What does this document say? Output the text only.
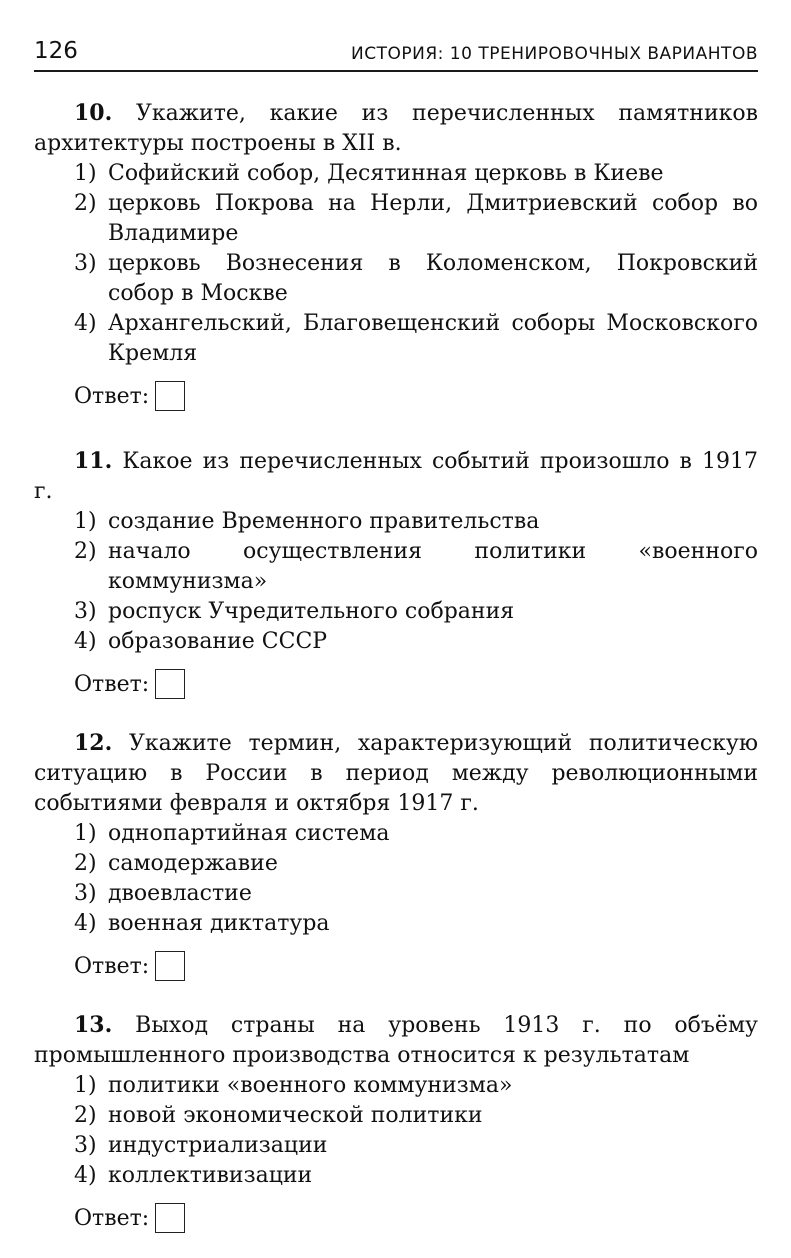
126	ИСТОРИЯ: 10 ТРЕНИРОВОЧНЫХ ВАРИАНТОВ

10. Укажите, какие из перечисленных памятников архитектуры построены в XII в.

1) Софийский собор, Десятинная церковь в Киеве
2) церковь Покрова на Нерли, Дмитриевский собор во Владимире
3) церковь Вознесения в Коломенском, Покровский собор в Москве
4) Архангельский, Благовещенский соборы Московского Кремля
Ответ:

11. Какое из перечисленных событий произошло в 1917 г.

1) создание Временного правительства
2) начало осуществления политики «военного коммунизма»
3) роспуск Учредительного собрания
4) образование СССР
Ответ:

12. Укажите термин, характеризующий политическую ситуацию в России в период между революционными событиями февраля и октября 1917 г.

1) однопартийная система
2) самодержавие
3) двоевластие
4) военная диктатура
Ответ:

13. Выход страны на уровень 1913 г. по объёму промышленного производства относится к результатам

1) политики «военного коммунизма»
2) новой экономической политики
3) индустриализации
4) коллективизации
Ответ:
